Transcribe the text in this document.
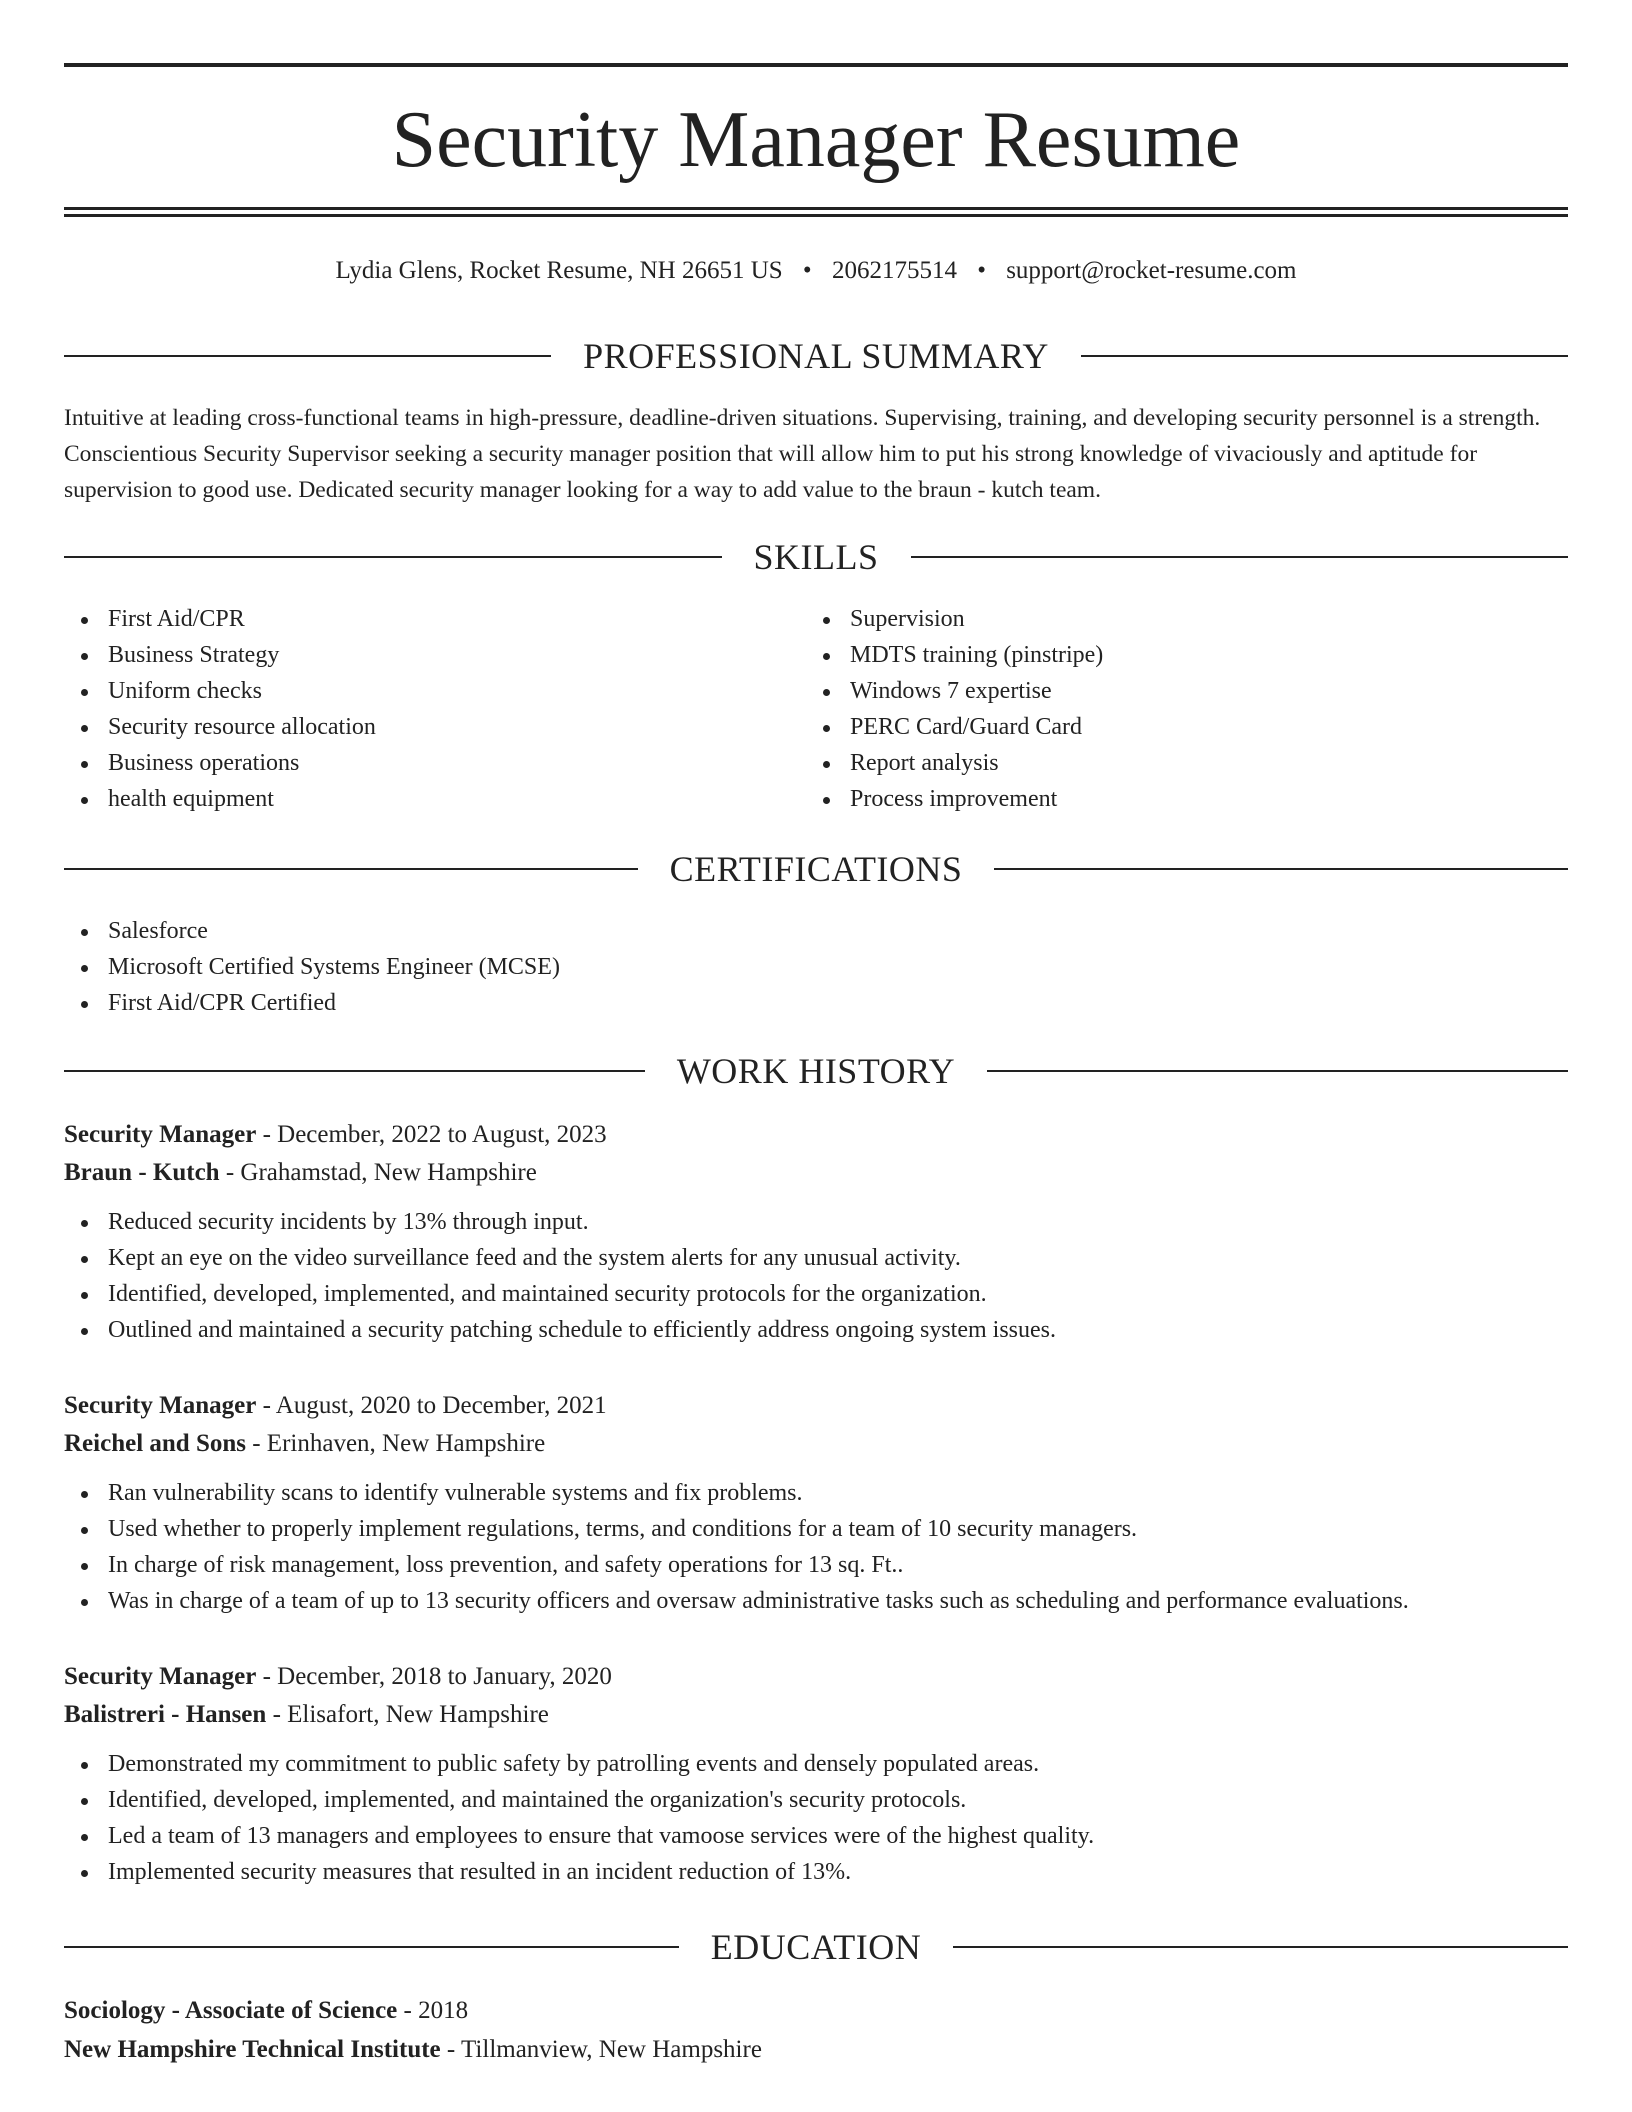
Security Manager Resume
Lydia Glens, Rocket Resume, NH 26651 US • 2062175514 • support@rocket-resume.com
PROFESSIONAL SUMMARY

Intuitive at leading cross-functional teams in high-pressure, deadline-driven situations. Supervising, training, and developing security personnel is a strength. Conscientious Security Supervisor seeking a security manager position that will allow him to put his strong knowledge of vivaciously and aptitude for supervision to good use. Dedicated security manager looking for a way to add value to the braun - kutch team.

SKILLS
First Aid/CPR
Business Strategy
Uniform checks
Security resource allocation
Business operations
health equipment
Supervision
MDTS training (pinstripe)
Windows 7 expertise
PERC Card/Guard Card
Report analysis
Process improvement
CERTIFICATIONS
Salesforce
Microsoft Certified Systems Engineer (MCSE)
First Aid/CPR Certified
WORK HISTORY
Security Manager - December, 2022 to August, 2023
Braun - Kutch - Grahamstad, New Hampshire
Reduced security incidents by 13% through input.
Kept an eye on the video surveillance feed and the system alerts for any unusual activity.
Identified, developed, implemented, and maintained security protocols for the organization.
Outlined and maintained a security patching schedule to efficiently address ongoing system issues.
Security Manager - August, 2020 to December, 2021
Reichel and Sons - Erinhaven, New Hampshire
Ran vulnerability scans to identify vulnerable systems and fix problems.
Used whether to properly implement regulations, terms, and conditions for a team of 10 security managers.
In charge of risk management, loss prevention, and safety operations for 13 sq. Ft..
Was in charge of a team of up to 13 security officers and oversaw administrative tasks such as scheduling and performance evaluations.
Security Manager - December, 2018 to January, 2020
Balistreri - Hansen - Elisafort, New Hampshire
Demonstrated my commitment to public safety by patrolling events and densely populated areas.
Identified, developed, implemented, and maintained the organization's security protocols.
Led a team of 13 managers and employees to ensure that vamoose services were of the highest quality.
Implemented security measures that resulted in an incident reduction of 13%.
EDUCATION
Sociology - Associate of Science - 2018
New Hampshire Technical Institute - Tillmanview, New Hampshire
